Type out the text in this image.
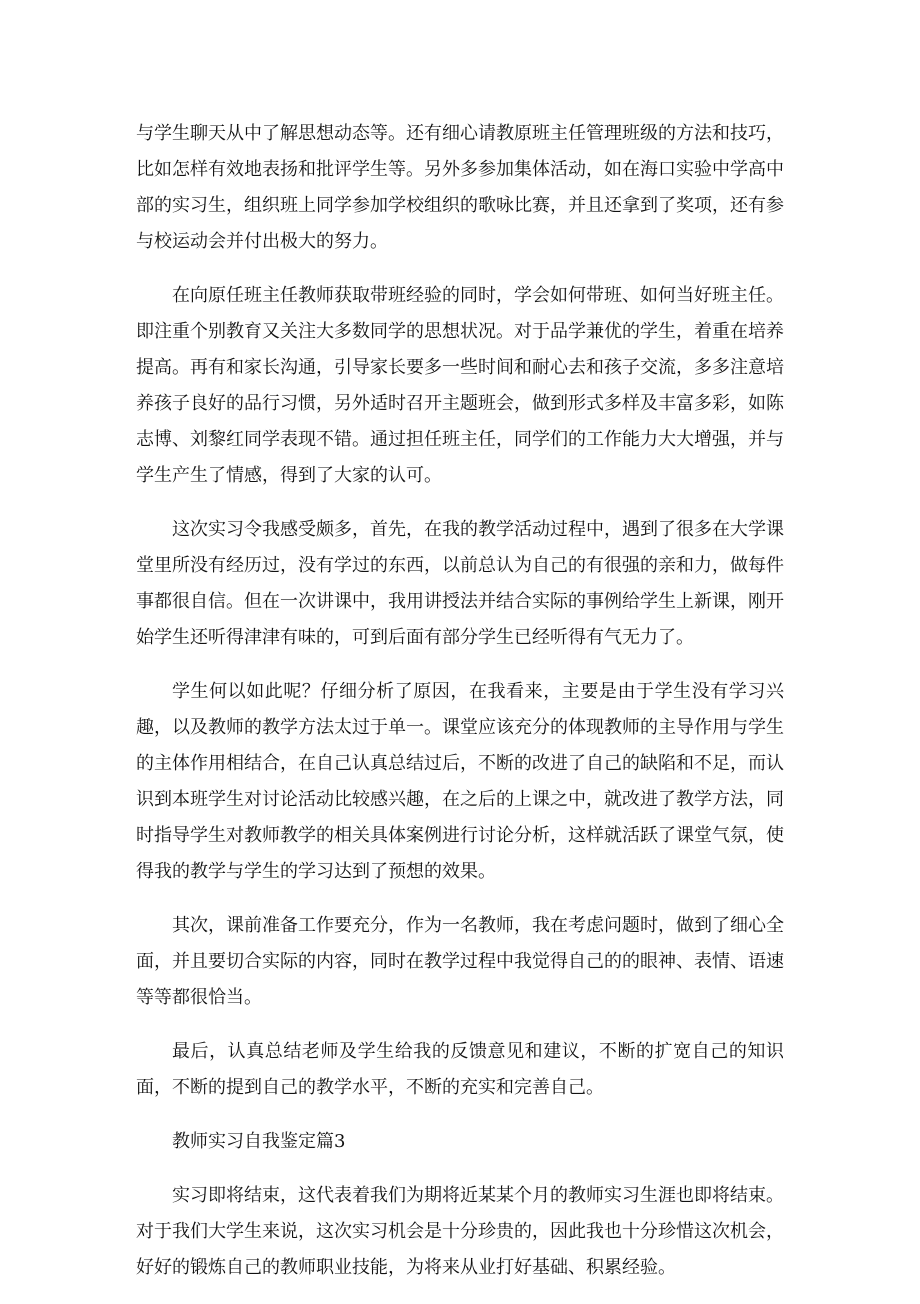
与学生聊天从中了解思想动态等。还有细心请教原班主任管理班级的方法和技巧，比如怎样有效地表扬和批评学生等。另外多参加集体活动，如在海口实验中学高中部的实习生，组织班上同学参加学校组织的歌咏比赛，并且还拿到了奖项，还有参与校运动会并付出极大的努力。

在向原任班主任教师获取带班经验的同时，学会如何带班、如何当好班主任。即注重个别教育又关注大多数同学的思想状况。对于品学兼优的学生，着重在培养提高。再有和家长沟通，引导家长要多一些时间和耐心去和孩子交流，多多注意培养孩子良好的品行习惯，另外适时召开主题班会，做到形式多样及丰富多彩，如陈志博、刘黎红同学表现不错。通过担任班主任，同学们的工作能力大大增强，并与学生产生了情感，得到了大家的认可。

这次实习令我感受颇多，首先，在我的教学活动过程中，遇到了很多在大学课堂里所没有经历过，没有学过的东西，以前总认为自己的有很强的亲和力，做每件事都很自信。但在一次讲课中，我用讲授法并结合实际的事例给学生上新课，刚开始学生还听得津津有味的，可到后面有部分学生已经听得有气无力了。

学生何以如此呢？仔细分析了原因，在我看来，主要是由于学生没有学习兴趣，以及教师的教学方法太过于单一。课堂应该充分的体现教师的主导作用与学生的主体作用相结合，在自己认真总结过后，不断的改进了自己的缺陷和不足，而认识到本班学生对讨论活动比较感兴趣，在之后的上课之中，就改进了教学方法，同时指导学生对教师教学的相关具体案例进行讨论分析，这样就活跃了课堂气氛，使得我的教学与学生的学习达到了预想的效果。

其次，课前准备工作要充分，作为一名教师，我在考虑问题时，做到了细心全面，并且要切合实际的内容，同时在教学过程中我觉得自己的的眼神、表情、语速等等都很恰当。

最后，认真总结老师及学生给我的反馈意见和建议，不断的扩宽自己的知识面，不断的提到自己的教学水平，不断的充实和完善自己。

教师实习自我鉴定篇3

实习即将结束，这代表着我们为期将近某某个月的教师实习生涯也即将结束。对于我们大学生来说，这次实习机会是十分珍贵的，因此我也十分珍惜这次机会，好好的锻炼自己的教师职业技能，为将来从业打好基础、积累经验。
